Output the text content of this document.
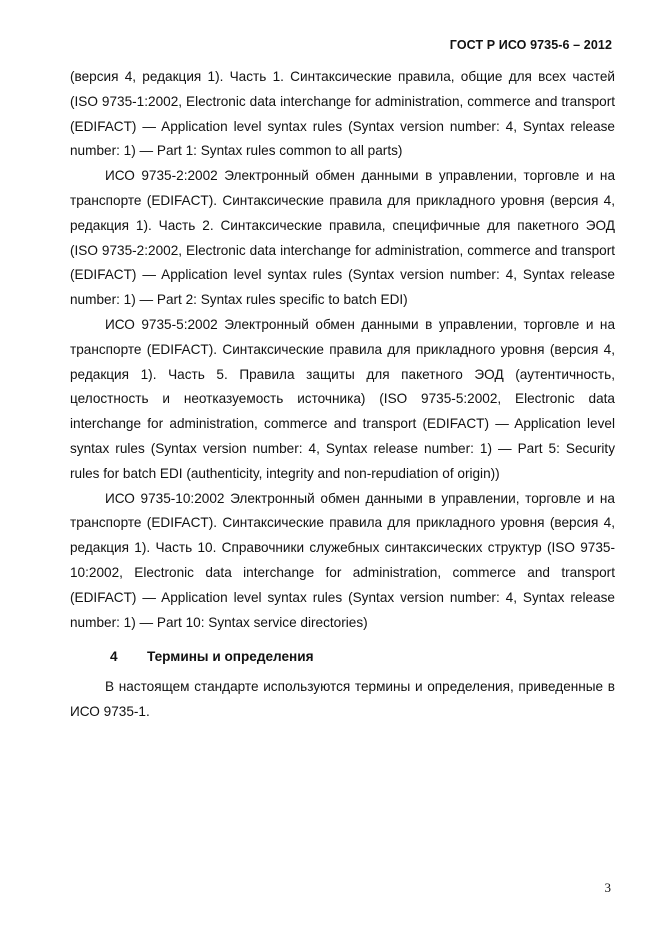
ГОСТ Р ИСО 9735-6 – 2012

(версия 4, редакция 1). Часть 1. Синтаксические правила, общие для всех частей (ISO 9735-1:2002, Electronic data interchange for administration, commerce and transport (EDIFACT) — Application level syntax rules (Syntax version number: 4, Syntax release number: 1) — Part 1: Syntax rules common to all parts)

ИСО 9735-2:2002 Электронный обмен данными в управлении, торговле и на транспорте (EDIFACT). Синтаксические правила для прикладного уровня (версия 4, редакция 1). Часть 2. Синтаксические правила, специфичные для пакетного ЭОД (ISO 9735-2:2002, Electronic data interchange for administration, commerce and transport (EDIFACT) — Application level syntax rules (Syntax version number: 4, Syntax release number: 1) — Part 2: Syntax rules specific to batch EDI)

ИСО 9735-5:2002 Электронный обмен данными в управлении, торговле и на транспорте (EDIFACT). Синтаксические правила для прикладного уровня (версия 4, редакция 1). Часть 5. Правила защиты для пакетного ЭОД (аутентичность, целостность и неотказуемость источника) (ISO 9735-5:2002, Electronic data interchange for administration, commerce and transport (EDIFACT) — Application level syntax rules (Syntax version number: 4, Syntax release number: 1) — Part 5: Security rules for batch EDI (authenticity, integrity and non-repudiation of origin))

ИСО 9735-10:2002 Электронный обмен данными в управлении, торговле и на транспорте (EDIFACT). Синтаксические правила для прикладного уровня (версия 4, редакция 1). Часть 10. Справочники служебных синтаксических структур (ISO 9735-10:2002, Electronic data interchange for administration, commerce and transport (EDIFACT) — Application level syntax rules (Syntax version number: 4, Syntax release number: 1) — Part 10: Syntax service directories)

4	Термины и определения

В настоящем стандарте используются термины и определения, приведенные в ИСО 9735-1.

3
